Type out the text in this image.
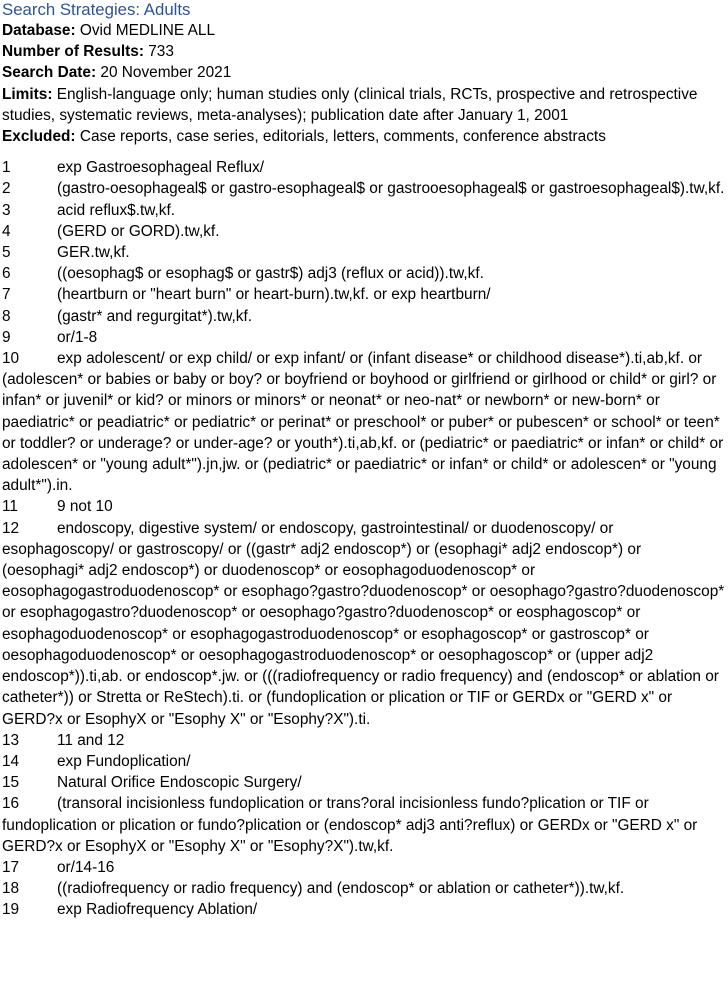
Search Strategies: Adults

Database: Ovid MEDLINE ALL

Number of Results: 733

Search Date: 20 November 2021

Limits: English-language only; human studies only (clinical trials, RCTs, prospective and retrospective studies, systematic reviews, meta-analyses); publication date after January 1, 2001

Excluded: Case reports, case series, editorials, letters, comments, conference abstracts

1	exp Gastroesophageal Reflux/

2	(gastro-oesophageal$ or gastro-esophageal$ or gastrooesophageal$ or gastroesophageal$).tw,kf.

3	acid reflux$.tw,kf.

4	(GERD or GORD).tw,kf.

5	GER.tw,kf.

6	((oesophag$ or esophag$ or gastr$) adj3 (reflux or acid)).tw,kf.

7	(heartburn or "heart burn" or heart-burn).tw,kf. or exp heartburn/

8	(gastr* and regurgitat*).tw,kf.

9	or/1-8

10 exp adolescent/ or exp child/ or exp infant/ or (infant disease* or childhood disease*).ti,ab,kf. or (adolescen* or babies or baby or boy? or boyfriend or boyhood or girlfriend or girlhood or child* or girl? or infan* or juvenil* or kid? or minors or minors* or neonat* or neo-nat* or newborn* or new-born* or paediatric* or peadiatric* or pediatric* or perinat* or preschool* or puber* or pubescen* or school* or teen* or toddler? or underage? or under-age? or youth*).ti,ab,kf. or (pediatric* or paediatric* or infan* or child* or adolescen* or "young adult*").jn,jw. or (pediatric* or paediatric* or infan* or child* or adolescen* or "young adult*").in.

11	9 not 10

12 endoscopy, digestive system/ or endoscopy, gastrointestinal/ or duodenoscopy/ or esophagoscopy/ or gastroscopy/ or ((gastr* adj2 endoscop*) or (esophagi* adj2 endoscop*) or (oesophagi* adj2 endoscop*) or duodenoscop* or eosophagoduodenoscop* or eosophagogastroduodenoscop* or esophago?gastro?duodenoscop* or oesophago?gastro?duodenoscop* or esophagogastro?duodenoscop* or oesophago?gastro?duodenoscop* or eosphagoscop* or esophagoduodenoscop* or esophagogastroduodenoscop* or esophagoscop* or gastroscop* or oesophagoduodenoscop* or oesophagogastroduodenoscop* or oesophagoscop* or (upper adj2 endoscop*)).ti,ab. or endoscop*.jw. or (((radiofrequency or radio frequency) and (endoscop* or ablation or catheter*)) or Stretta or ReStech).ti. or (fundoplication or plication or TIF or GERDx or "GERD x" or GERD?x or EsophyX or "Esophy X" or "Esophy?X").ti.

13 11 and 12

14 exp Fundoplication/

15 Natural Orifice Endoscopic Surgery/

16 (transoral incisionless fundoplication or trans?oral incisionless fundo?plication or TIF or fundoplication or plication or fundo?plication or (endoscop* adj3 anti?reflux) or GERDx or "GERD x" or GERD?x or EsophyX or "Esophy X" or "Esophy?X").tw,kf.

17 or/14-16

18 ((radiofrequency or radio frequency) and (endoscop* or ablation or catheter*)).tw,kf.

19 exp Radiofrequency Ablation/
